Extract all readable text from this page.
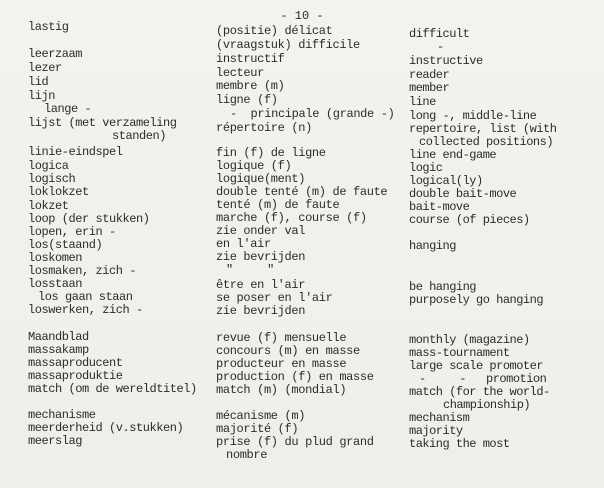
- 10 -
lastig
leerzaam
lezer
lid
lijn
lange -
lijst (met verzameling
standen)
linie-eindspel
logica
logisch
loklokzet
lokzet
loop (der stukken)
lopen, erin -
los(staand)
loskomen
losmaken, zich -
losstaan
los gaan staan
loswerken, zich -
Maandblad
massakamp
massaproducent
massaproduktie
match (om de wereldtitel)
mechanisme
meerderheid (v.stukken)
meerslag
(positie) délicat
(vraagstuk) difficile
instructif
lecteur
membre (m)
ligne (f)
-  principale (grande -)
répertoire (n)
fin (f) de ligne
logique (f)
logique(ment)
double tenté (m) de faute
tenté (m) de faute
marche (f), course (f)
zie onder val
en l'air
zie bevrijden
"     "
être en l'air
se poser en l'air
zie bevrijden
revue (f) mensuelle
concours (m) en masse
producteur en masse
production (f) en masse
match (m) (mondial)
mécanisme (m)
majorité (f)
prise (f) du plud grand
nombre
difficult
-
instructive
reader
member
line
long -, middle-line
repertoire, list (with
collected positions)
line end-game
logic
logical(ly)
double bait-move
bait-move
course (of pieces)
hanging
be hanging
purposely go hanging
monthly (magazine)
mass-tournament
large scale promoter
-     -   promotion
match (for the world-
championship)
mechanism
majority
taking the most
